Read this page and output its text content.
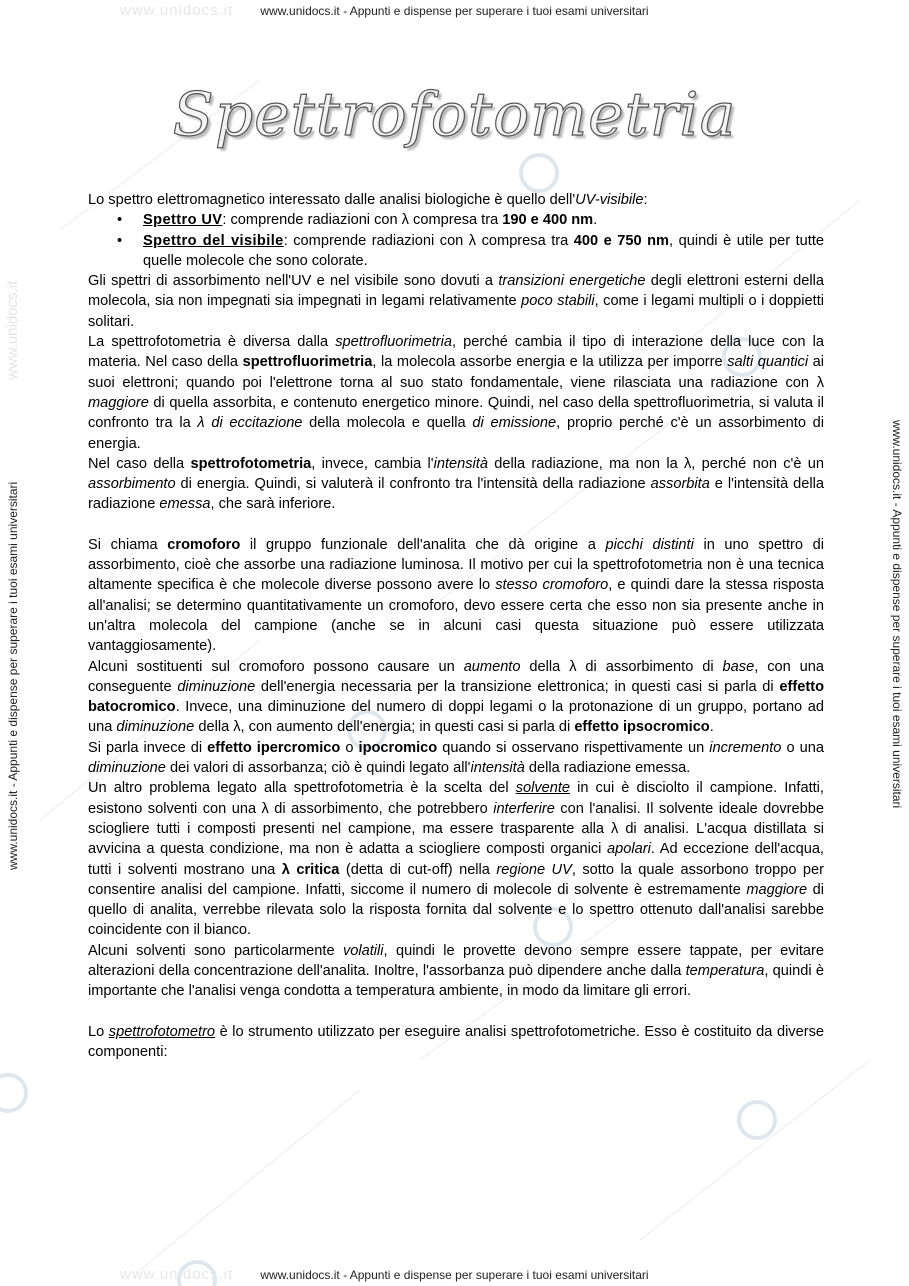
www.unidocs.it	www.unidocs.it - Appunti e dispense per superare i tuoi esami universitari
www.unidocs.it	www.unidocs.it - Appunti e dispense per superare i tuoi esami universitari
www.unidocs.it
www.unidocs.it - Appunti e dispense per superare i tuoi esami universitari	www.unidocs.it - Appunti e dispense per superare i tuoi esami universitari
Spettrofotometria

Lo spettro elettromagnetico interessato dalle analisi biologiche è quello dell'UV-visibile:

• Spettro UV: comprende radiazioni con λ compresa tra 190 e 400 nm.
• Spettro del visibile: comprende radiazioni con λ compresa tra 400 e 750 nm, quindi è utile per tutte quelle molecole che sono colorate.

Gli spettri di assorbimento nell'UV e nel visibile sono dovuti a transizioni energetiche degli elettroni esterni della molecola, sia non impegnati sia impegnati in legami relativamente poco stabili, come i legami multipli o i doppietti solitari.

La spettrofotometria è diversa dalla spettrofluorimetria, perché cambia il tipo di interazione della luce con la materia. Nel caso della spettrofluorimetria, la molecola assorbe energia e la utilizza per imporre salti quantici ai suoi elettroni; quando poi l'elettrone torna al suo stato fondamentale, viene rilasciata una radiazione con λ maggiore di quella assorbita, e contenuto energetico minore. Quindi, nel caso della spettrofluorimetria, si valuta il confronto tra la λ di eccitazione della molecola e quella di emissione, proprio perché c'è un assorbimento di energia.

Nel caso della spettrofotometria, invece, cambia l'intensità della radiazione, ma non la λ, perché non c'è un assorbimento di energia. Quindi, si valuterà il confronto tra l'intensità della radiazione assorbita e l'intensità della radiazione emessa, che sarà inferiore.

Si chiama cromoforo il gruppo funzionale dell'analita che dà origine a picchi distinti in uno spettro di assorbimento, cioè che assorbe una radiazione luminosa. Il motivo per cui la spettrofotometria non è una tecnica altamente specifica è che molecole diverse possono avere lo stesso cromoforo, e quindi dare la stessa risposta all'analisi; se determino quantitativamente un cromoforo, devo essere certa che esso non sia presente anche in un'altra molecola del campione (anche se in alcuni casi questa situazione può essere utilizzata vantaggiosamente).

Alcuni sostituenti sul cromoforo possono causare un aumento della λ di assorbimento di base, con una conseguente diminuzione dell'energia necessaria per la transizione elettronica; in questi casi si parla di effetto batocromico. Invece, una diminuzione del numero di doppi legami o la protonazione di un gruppo, portano ad una diminuzione della λ, con aumento dell'energia; in questi casi si parla di effetto ipsocromico.

Si parla invece di effetto ipercromico o ipocromico quando si osservano rispettivamente un incremento o una diminuzione dei valori di assorbanza; ciò è quindi legato all'intensità della radiazione emessa.

Un altro problema legato alla spettrofotometria è la scelta del solvente in cui è disciolto il campione. Infatti, esistono solventi con una λ di assorbimento, che potrebbero interferire con l'analisi. Il solvente ideale dovrebbe sciogliere tutti i composti presenti nel campione, ma essere trasparente alla λ di analisi. L'acqua distillata si avvicina a questa condizione, ma non è adatta a sciogliere composti organici apolari. Ad eccezione dell'acqua, tutti i solventi mostrano una λ critica (detta di cut-off) nella regione UV, sotto la quale assorbono troppo per consentire analisi del campione. Infatti, siccome il numero di molecole di solvente è estremamente maggiore di quello di analita, verrebbe rilevata solo la risposta fornita dal solvente e lo spettro ottenuto dall'analisi sarebbe coincidente con il bianco.

Alcuni solventi sono particolarmente volatili, quindi le provette devono sempre essere tappate, per evitare alterazioni della concentrazione dell'analita. Inoltre, l'assorbanza può dipendere anche dalla temperatura, quindi è importante che l'analisi venga condotta a temperatura ambiente, in modo da limitare gli errori.

Lo spettrofotometro è lo strumento utilizzato per eseguire analisi spettrofotometriche. Esso è costituito da diverse componenti:
